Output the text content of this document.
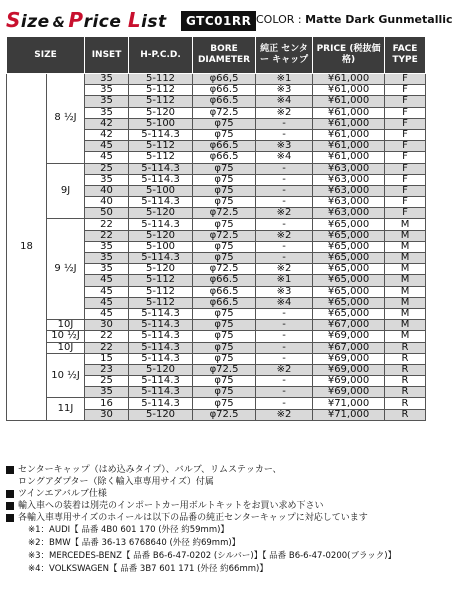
Size & Price List	GTC01RR COLOR : Matte Dark Gunmetallic
SIZE		INSET	H-P.C.D.	BORE DIAMETER	純正 センター キャップ	PRICE (税抜価格)	FACE TYPE
18	8 ½J	35	5-112	φ66,5	※1	¥61,000	F
		35	5-112	φ66.5	※3	¥61,000	F
		35	5-112	φ66.5	※4	¥61,000	F
		35	5-120	φ72.5	※2	¥61,000	F
		42	5-100	φ75	-	¥61,000	F
		42	5-114.3	φ75	-	¥61,000	F
		45	5-112	φ66.5	※3	¥61,000	F
		45	5-112	φ66.5	※4	¥61,000	F
	9J	25	5-114.3	φ75	-	¥63,000	F
		35	5-114.3	φ75	-	¥63,000	F
		40	5-100	φ75	-	¥63,000	F
		40	5-114.3	φ75	-	¥63,000	F
		50	5-120	φ72.5	※2	¥63,000	F
	9 ½J	22	5-114.3	φ75	-	¥65,000	M
		22	5-120	φ72.5	※2	¥65,000	M
		35	5-100	φ75	-	¥65,000	M
		35	5-114.3	φ75	-	¥65,000	M
		35	5-120	φ72.5	※2	¥65,000	M
		45	5-112	φ66.5	※1	¥65,000	M
		45	5-112	φ66.5	※3	¥65,000	M
		45	5-112	φ66.5	※4	¥65,000	M
		45	5-114.3	φ75	-	¥65,000	M
	10J	30	5-114.3	φ75	-	¥67,000	M
	10 ½J	22	5-114.3	φ75	-	¥69,000	M
	10J	22	5-114.3	φ75	-	¥67,000	R
	10 ½J	15	5-114.3	φ75	-	¥69,000	R
		23	5-120	φ72.5	※2	¥69,000	R
		25	5-114.3	φ75	-	¥69,000	R
		35	5-114.3	φ75	-	¥69,000	R
	11J	16	5-114.3	φ75	-	¥71,000	R
		30	5-120	φ72.5	※2	¥71,000	R
センターキャップ（はめ込みタイプ）、バルブ、リムステッカー、
ロングアダプター（除く輸入車専用サイズ）付属
ツインエアバルブ仕様
輸入車への装着は別売のインポートカー用ボルトキットをお買い求め下さい
各輸入車専用サイズのホイールは以下の品番の純正センターキャップに対応しています
※1：AUDI【 品番 4B0 601 170 (外径 約59mm)】
※2：BMW【 品番 36-13 6768640 (外径 約69mm)】
※3：MERCEDES-BENZ【 品番 B6-6-47-0202 (シルバー)】【 品番 B6-6-47-0200(ブラック)】
※4：VOLKSWAGEN【 品番 3B7 601 171 (外径 約66mm)】
